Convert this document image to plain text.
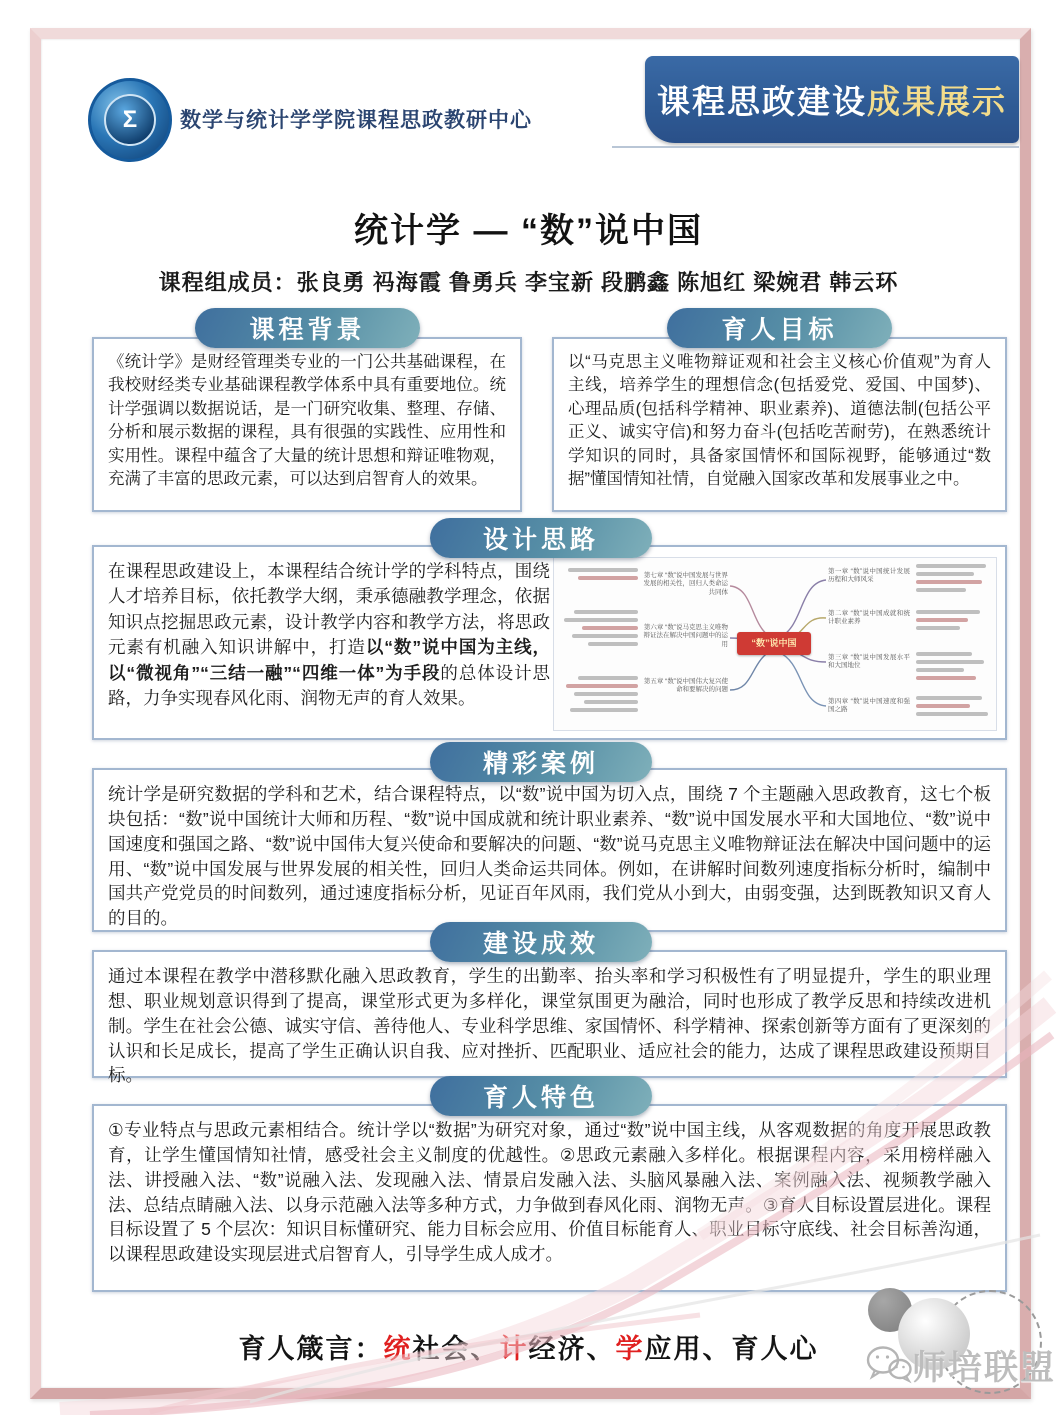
Σ 数学与统计学学院课程思政教研中心
课程思政建设 成果展示
统计学 — “数”说中国
课程组成员：张良勇 祃海霞 鲁勇兵 李宝新 段鹏鑫 陈旭红 梁婉君 韩云环
课程背景
《统计学》是财经管理类专业的一门公共基础课程，在我校财经类专业基础课程教学体系中具有重要地位。统计学强调以数据说话，是一门研究收集、整理、存储、分析和展示数据的课程，具有很强的实践性、应用性和实用性。课程中蕴含了大量的统计思想和辩证唯物观，充满了丰富的思政元素，可以达到启智育人的效果。
育人目标
以“马克思主义唯物辩证观和社会主义核心价值观”为育人主线，培养学生的理想信念(包括爱党、爱国、中国梦)、心理品质(包括科学精神、职业素养)、道德法制(包括公平正义、诚实守信)和努力奋斗(包括吃苦耐劳)，在熟悉统计学知识的同时，具备家国情怀和国际视野，能够通过“数据”懂国情知社情，自觉融入国家改革和发展事业之中。
设计思路
在课程思政建设上，本课程结合统计学的学科特点，围绕人才培养目标，依托教学大纲，秉承德融教学理念，依据知识点挖掘思政元素，设计教学内容和教学方法，将思政元素有机融入知识讲解中，打造以“数”说中国为主线，以“微视角”“三结一融”“四维一体”为手段的总体设计思路，力争实现春风化雨、润物无声的育人效果。
“数”说中国
第一章 “数”说中国统计发展历程和大师风采
第二章 “数”说中国成就和统计职业素养
第三章 “数”说中国发展水平和大国地位
第四章 “数”说中国速度和强国之路
第七章 “数”说中国发展与世界发展的相关性，回归人类命运共同体
第六章 “数”说马克思主义唯物辩证法在解决中国问题中的运用
第五章 “数”说中国伟大复兴使命和要解决的问题
精彩案例
统计学是研究数据的学科和艺术，结合课程特点，以“数”说中国为切入点，围绕 7 个主题融入思政教育，这七个板块包括：“数”说中国统计大师和历程、“数”说中国成就和统计职业素养、“数”说中国发展水平和大国地位、“数”说中国速度和强国之路、“数”说中国伟大复兴使命和要解决的问题、“数”说马克思主义唯物辩证法在解决中国问题中的运用、“数”说中国发展与世界发展的相关性，回归人类命运共同体。例如，在讲解时间数列速度指标分析时，编制中国共产党党员的时间数列，通过速度指标分析，见证百年风雨，我们党从小到大，由弱变强，达到既教知识又育人的目的。
建设成效
通过本课程在教学中潜移默化融入思政教育，学生的出勤率、抬头率和学习积极性有了明显提升，学生的职业理想、职业规划意识得到了提高，课堂形式更为多样化，课堂氛围更为融洽，同时也形成了教学反思和持续改进机制。学生在社会公德、诚实守信、善待他人、专业科学思维、家国情怀、科学精神、探索创新等方面有了更深刻的认识和长足成长，提高了学生正确认识自我、应对挫折、匹配职业、适应社会的能力，达成了课程思政建设预期目标。
育人特色
①专业特点与思政元素相结合。统计学以“数据”为研究对象，通过“数”说中国主线，从客观数据的角度开展思政教育，让学生懂国情知社情，感受社会主义制度的优越性。②思政元素融入多样化。根据课程内容，采用榜样融入法、讲授融入法、“数”说融入法、发现融入法、情景启发融入法、头脑风暴融入法、案例融入法、视频教学融入法、总结点睛融入法、以身示范融入法等多种方式，力争做到春风化雨、润物无声。③育人目标设置层进化。课程目标设置了 5 个层次：知识目标懂研究、能力目标会应用、价值目标能育人、职业目标守底线、社会目标善沟通，以课程思政建设实现层进式启智育人，引导学生成人成才。
育人箴言：统社会、计经济、学应用、育人心	师培联盟
